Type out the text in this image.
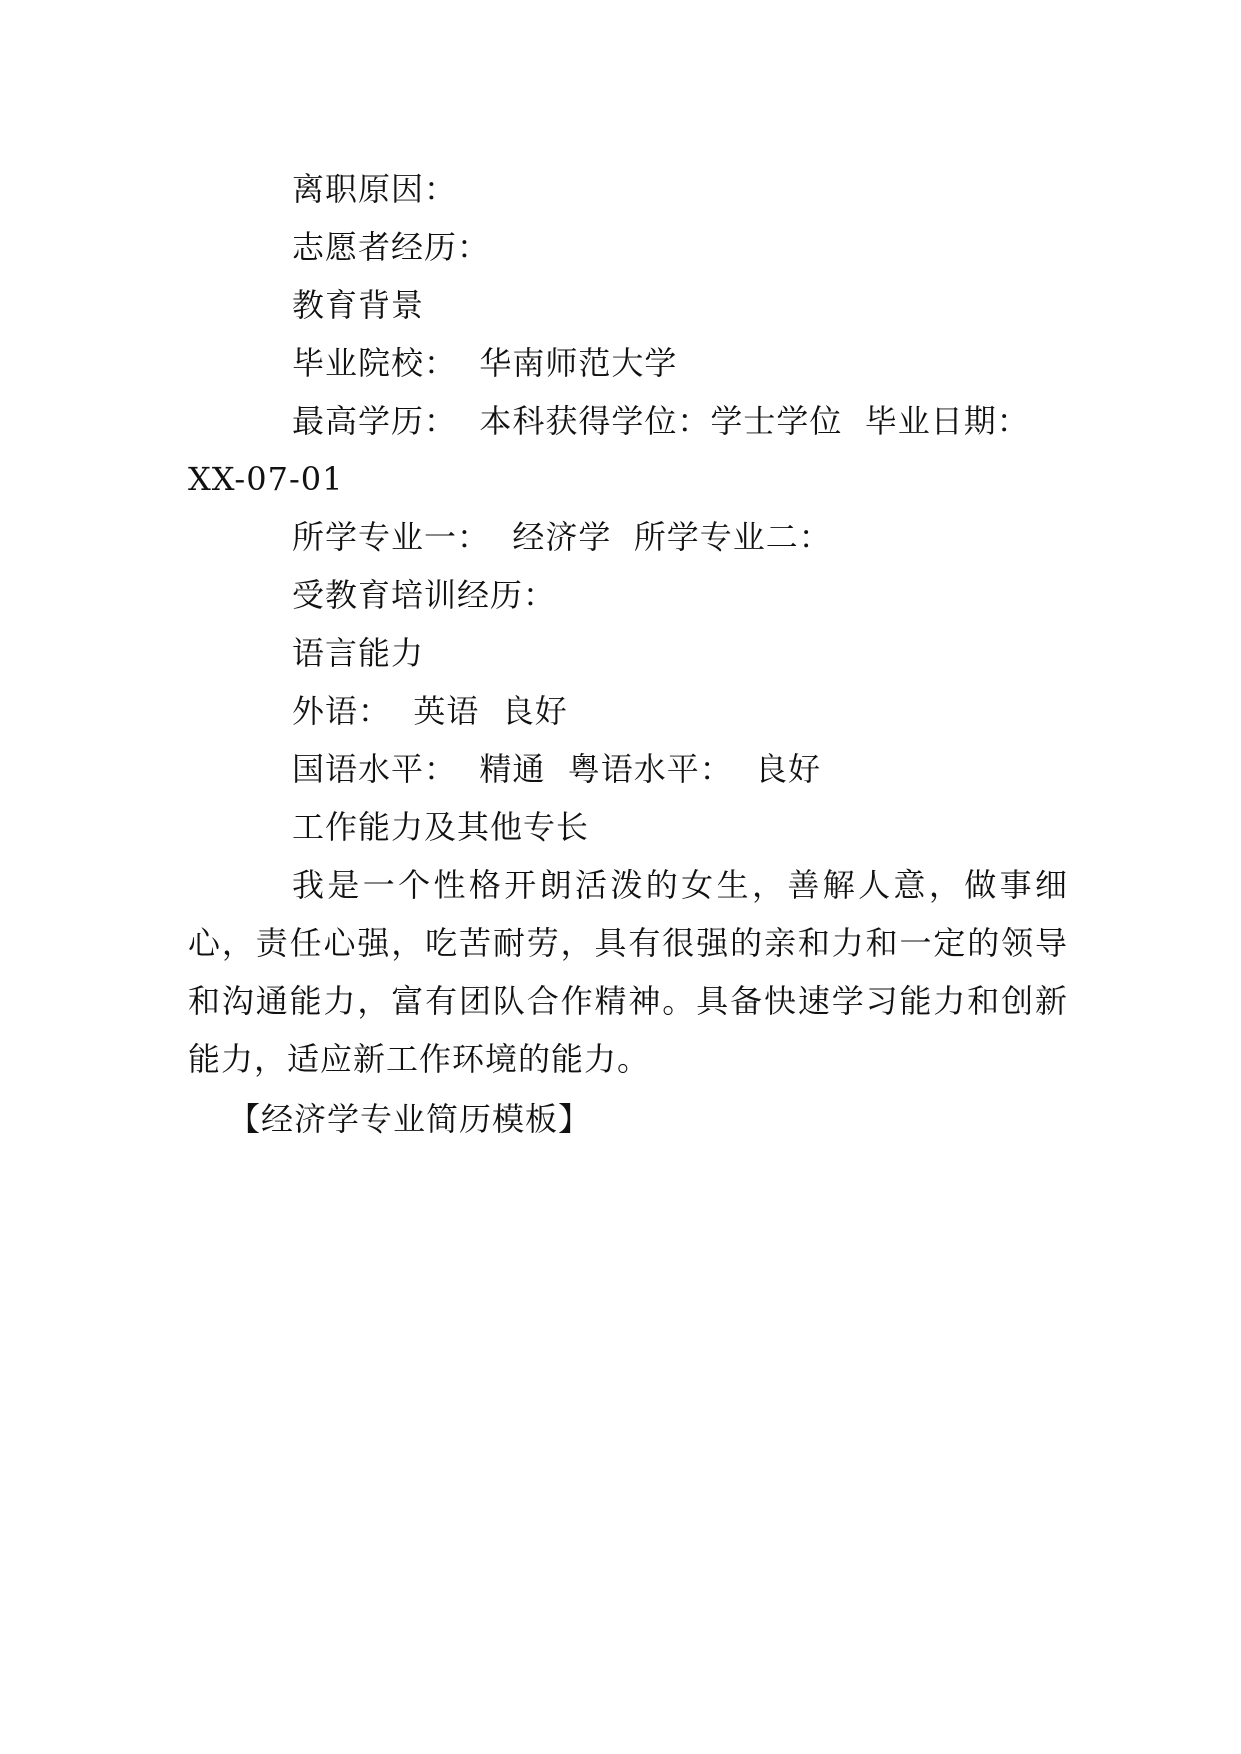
离职原因：
志愿者经历：
教育背景
毕业院校：  华南师范大学
最高学历：  本科获得学位：学士学位  毕业日期：
XX-07-01
所学专业一：  经济学  所学专业二：
受教育培训经历：
语言能力
外语：  英语  良好
国语水平：  精通  粤语水平：  良好
工作能力及其他专长

我是一个性格开朗活泼的女生，善解人意，做事细心，责任心强，吃苦耐劳，具有很强的亲和力和一定的领导和沟通能力，富有团队合作精神。具备快速学习能力和创新能力，适应新工作环境的能力。

【经济学专业简历模板】
